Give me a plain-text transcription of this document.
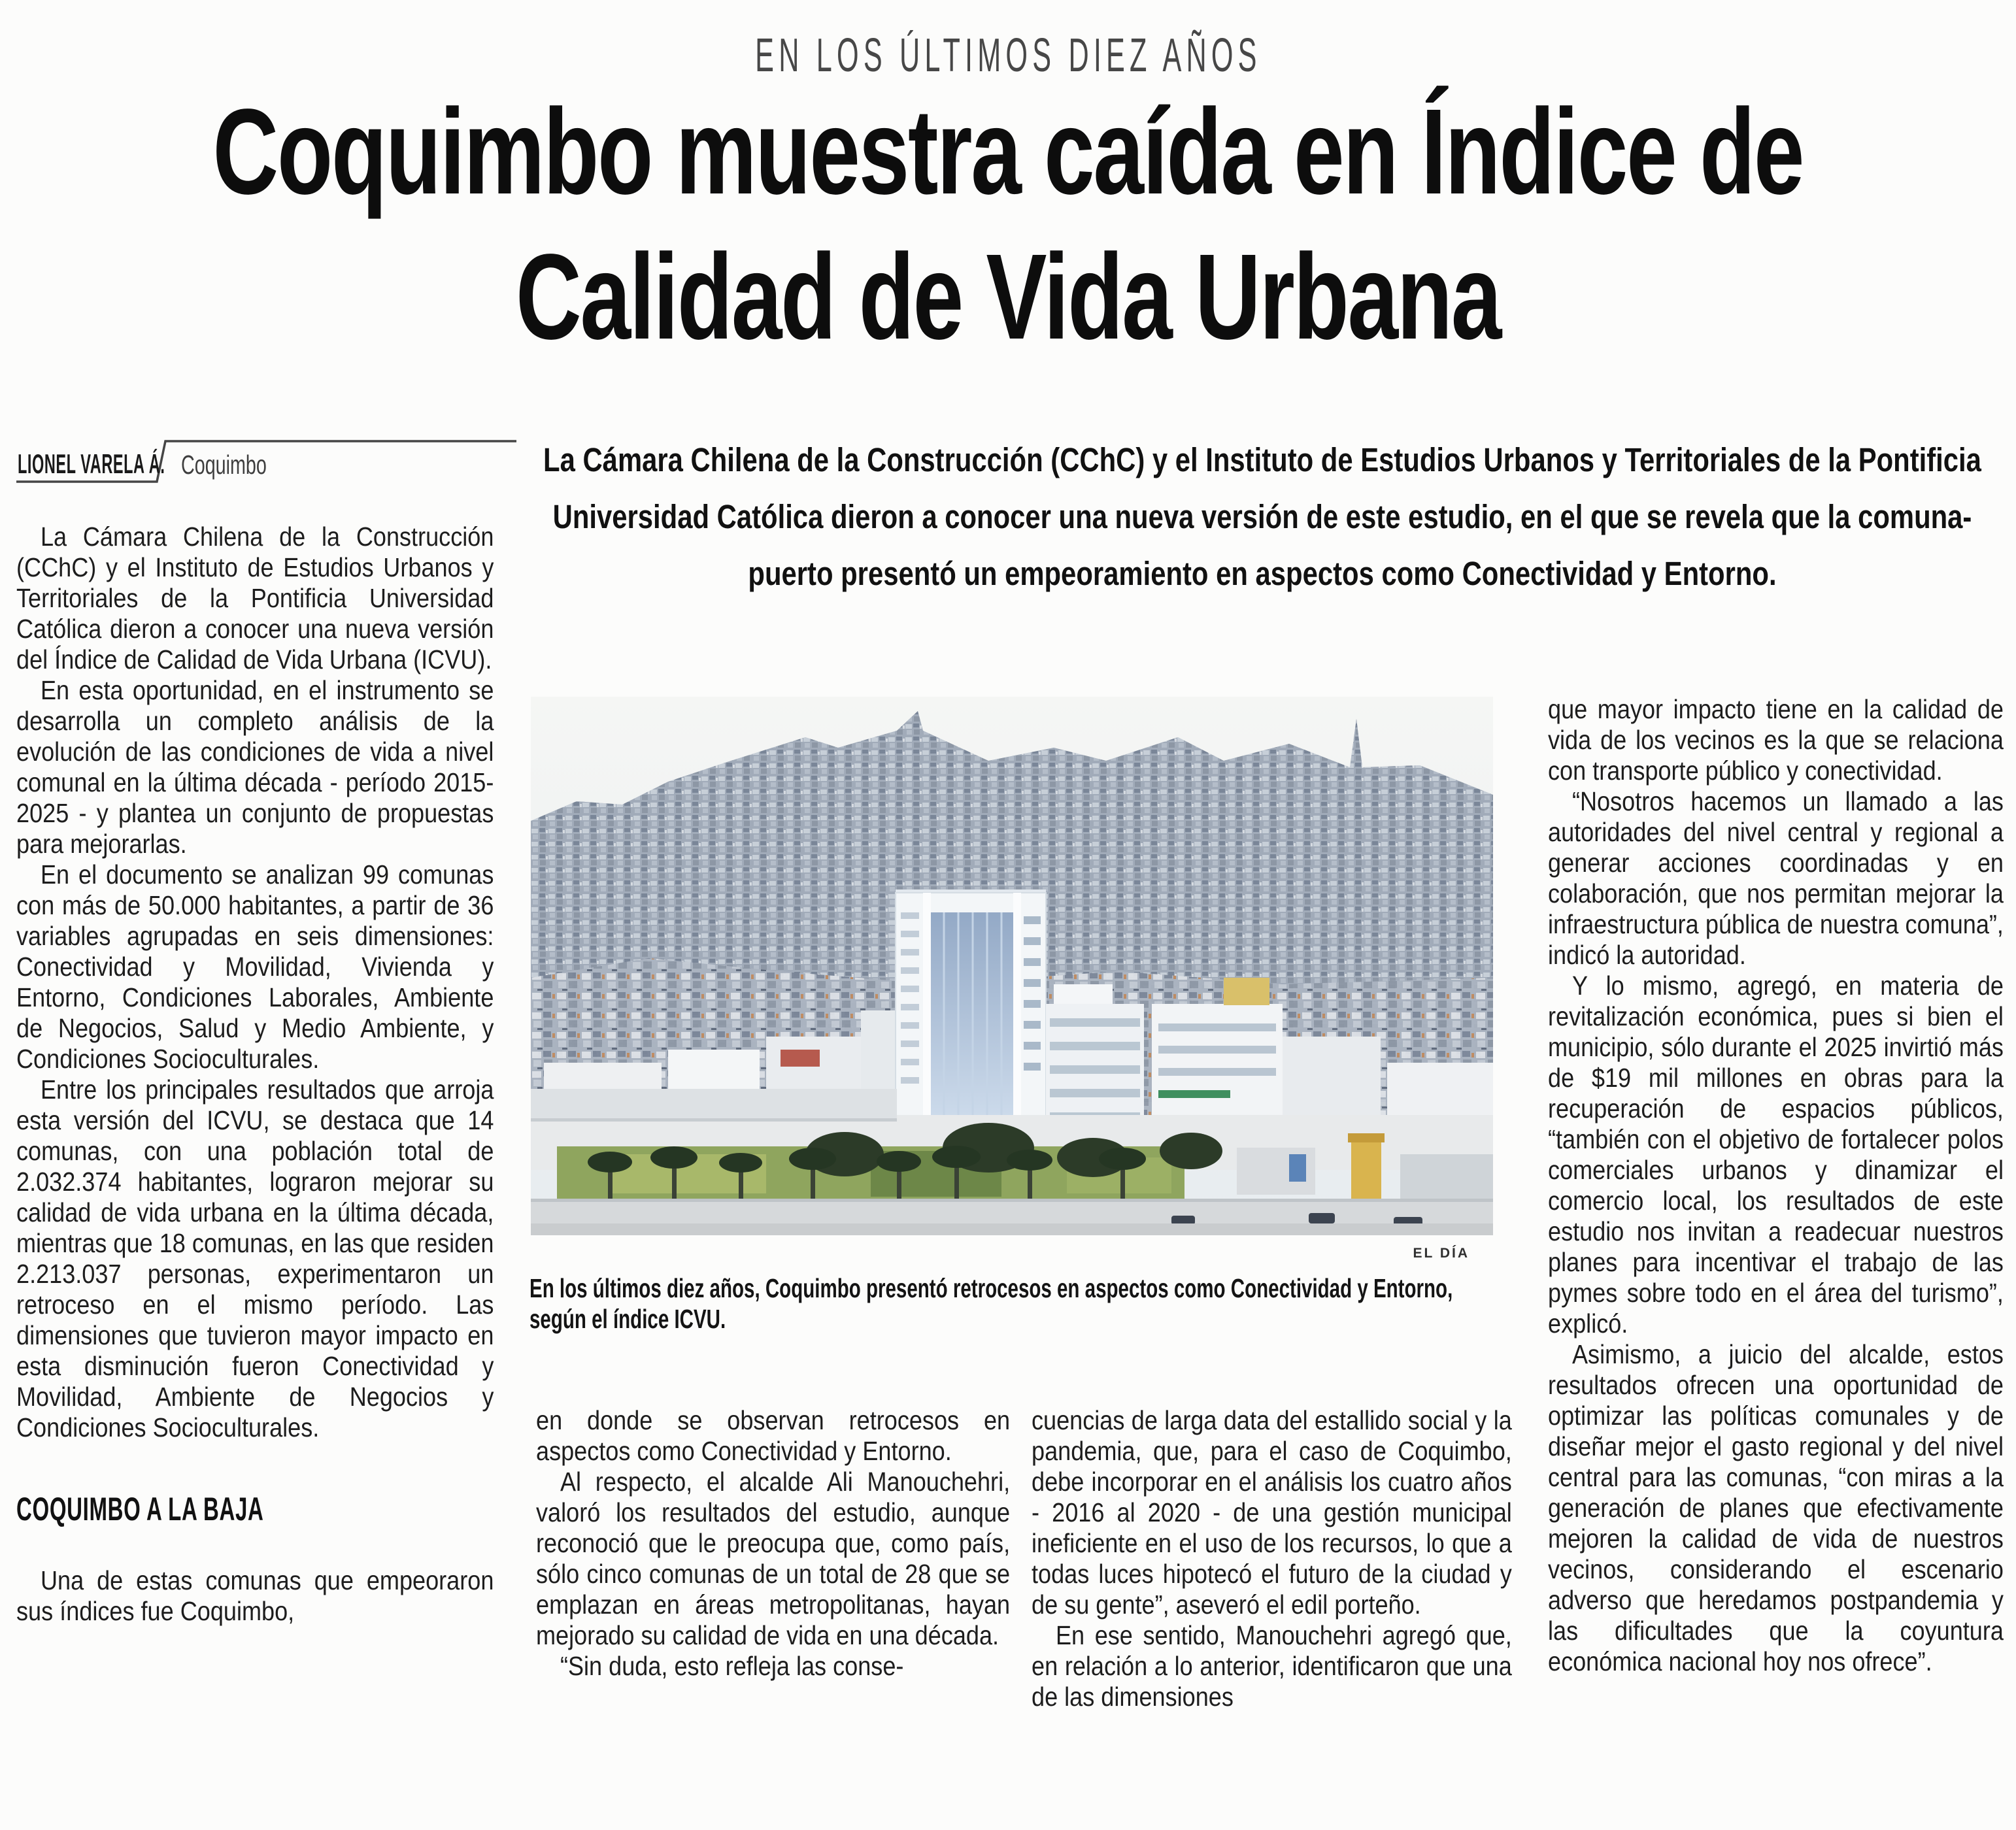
EN LOS ÚLTIMOS DIEZ AÑOS
Coquimbo muestra caída en Índice de
Calidad de Vida Urbana
LIONEL VARELA Á. Coquimbo

La Cámara Chilena de la Construcción (CChC) y el Instituto de Estudios Urbanos y Territoriales de la Pontificia Universidad Católica dieron a conocer una nueva versión del Índice de Calidad de Vida Urbana (ICVU).

En esta oportunidad, en el instrumento se desarrolla un completo análisis de la evolución de las condiciones de vida a nivel comunal en la última década - período 2015-2025 - y plantea un conjunto de propuestas para mejorarlas.

En el documento se analizan 99 comunas con más de 50.000 habitantes, a partir de 36 variables agrupadas en seis dimensiones: Conectividad y Movilidad, Vivienda y Entorno, Condiciones Laborales, Ambiente de Negocios, Salud y Medio Ambiente, y Condiciones Socioculturales.

Entre los principales resultados que arroja esta versión del ICVU, se destaca que 14 comunas, con una población total de 2.032.374 habitantes, lograron mejorar su calidad de vida urbana en la última década, mientras que 18 comunas, en las que residen 2.213.037 personas, experimentaron un retroceso en el mismo período. Las dimensiones que tuvieron mayor impacto en esta disminución fueron Conectividad y Movilidad, Ambiente de Negocios y Condiciones Socioculturales.

COQUIMBO A LA BAJA

Una de estas comunas que empeoraron sus índices fue Coquimbo,

La Cámara Chilena de la Construcción (CChC) y el Instituto de Estudios Urbanos y Territoriales de la Pontificia Universidad Católica dieron a conocer una nueva versión de este estudio, en el que se revela que la comuna-puerto presentó un empeoramiento en aspectos como Conectividad y Entorno.
EL DÍA
En los últimos diez años, Coquimbo presentó retrocesos en aspectos como Conectividad y Entorno, según el índice ICVU.

en donde se observan retrocesos en aspectos como Conectividad y Entorno.

Al respecto, el alcalde Ali Manouchehri, valoró los resultados del estudio, aunque reconoció que le preocupa que, como país, sólo cinco comunas de un total de 28 que se emplazan en áreas metropolitanas, hayan mejorado su calidad de vida en una década.

“Sin duda, esto refleja las conse-

cuencias de larga data del estallido social y la pandemia, que, para el caso de Coquimbo, debe incorporar en el análisis los cuatro años - 2016 al 2020 - de una gestión municipal ineficiente en el uso de los recursos, lo que a todas luces hipotecó el futuro de la ciudad y de su gente”, aseveró el edil porteño.

En ese sentido, Manouchehri agregó que, en relación a lo anterior, identificaron que una de las dimensiones

que mayor impacto tiene en la calidad de vida de los vecinos es la que se relaciona con transporte público y conectividad.

“Nosotros hacemos un llamado a las autoridades del nivel central y regional a generar acciones coordinadas y en colaboración, que nos permitan mejorar la infraestructura pública de nuestra comuna”, indicó la autoridad.

Y lo mismo, agregó, en materia de revitalización económica, pues si bien el municipio, sólo durante el 2025 invirtió más de $19 mil millones en obras para la recuperación de espacios públicos, “también con el objetivo de fortalecer polos comerciales urbanos y dinamizar el comercio local, los resultados de este estudio nos invitan a readecuar nuestros planes para incentivar el trabajo de las pymes sobre todo en el área del turismo”, explicó.

Asimismo, a juicio del alcalde, estos resultados ofrecen una oportunidad de optimizar las políticas comunales y de diseñar mejor el gasto regional y del nivel central para las comunas, “con miras a la generación de planes que efectivamente mejoren la calidad de vida de nuestros vecinos, considerando el escenario adverso que heredamos postpandemia y las dificultades que la coyuntura económica nacional hoy nos ofrece”.
